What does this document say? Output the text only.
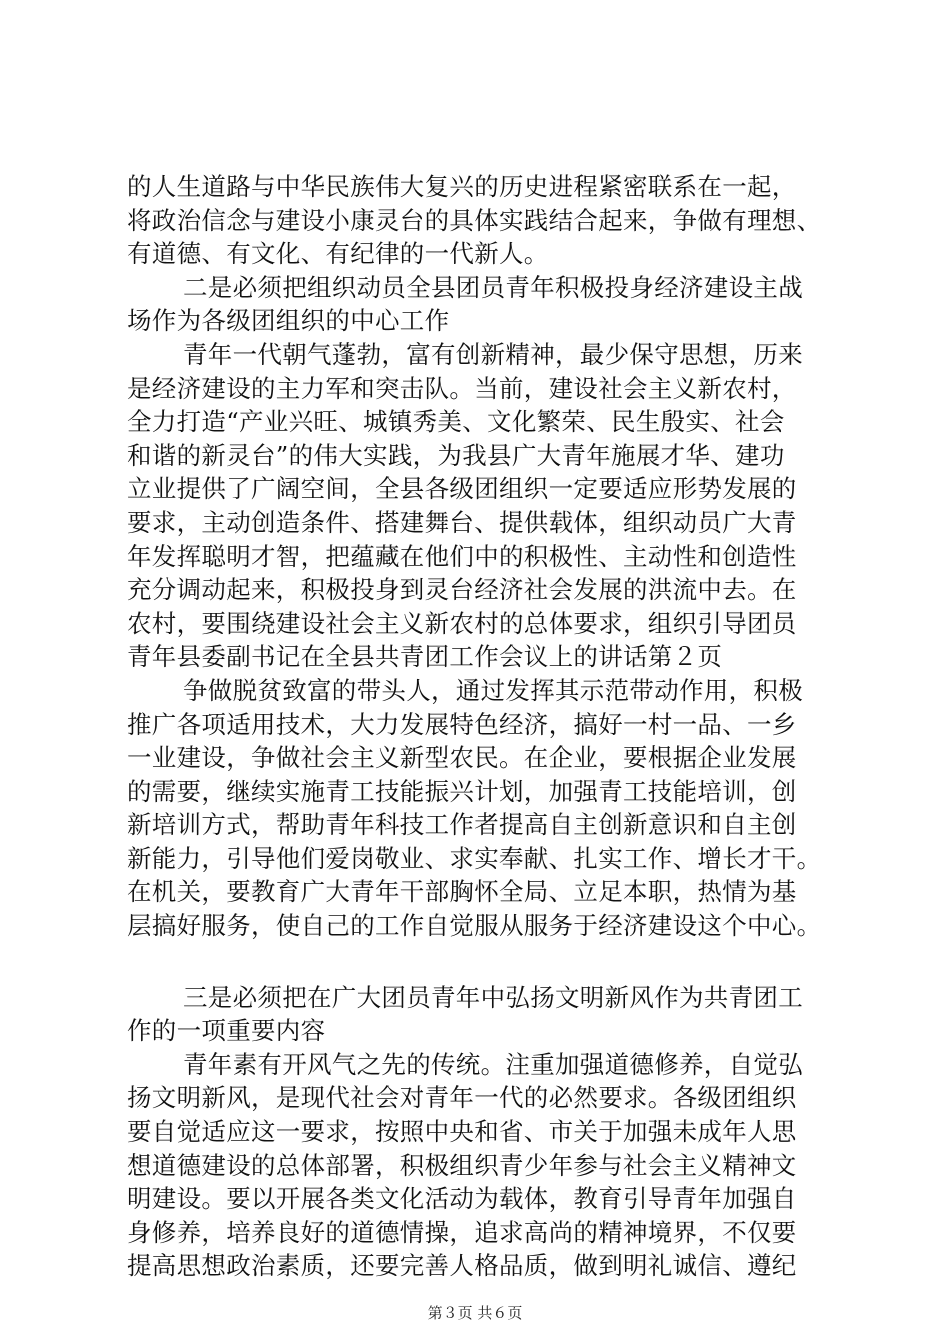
的人生道路与中华民族伟大复兴的历史进程紧密联系在一起，
将政治信念与建设小康灵台的具体实践结合起来，争做有理想、
有道德、有文化、有纪律的一代新人。
二是必须把组织动员全县团员青年积极投身经济建设主战
场作为各级团组织的中心工作
青年一代朝气蓬勃，富有创新精神，最少保守思想，历来
是经济建设的主力军和突击队。当前，建设社会主义新农村，
全力打造“产业兴旺、城镇秀美、文化繁荣、民生殷实、社会
和谐的新灵台”的伟大实践，为我县广大青年施展才华、建功
立业提供了广阔空间，全县各级团组织一定要适应形势发展的
要求，主动创造条件、搭建舞台、提供载体，组织动员广大青
年发挥聪明才智，把蕴藏在他们中的积极性、主动性和创造性
充分调动起来，积极投身到灵台经济社会发展的洪流中去。在
农村，要围绕建设社会主义新农村的总体要求，组织引导团员
青年县委副书记在全县共青团工作会议上的讲话第２页
争做脱贫致富的带头人，通过发挥其示范带动作用，积极
推广各项适用技术，大力发展特色经济，搞好一村一品、一乡
一业建设，争做社会主义新型农民。在企业，要根据企业发展
的需要，继续实施青工技能振兴计划，加强青工技能培训，创
新培训方式，帮助青年科技工作者提高自主创新意识和自主创
新能力，引导他们爱岗敬业、求实奉献、扎实工作、增长才干。
在机关，要教育广大青年干部胸怀全局、立足本职，热情为基
层搞好服务，使自己的工作自觉服从服务于经济建设这个中心。
三是必须把在广大团员青年中弘扬文明新风作为共青团工
作的一项重要内容
青年素有开风气之先的传统。注重加强道德修养，自觉弘
扬文明新风，是现代社会对青年一代的必然要求。各级团组织
要自觉适应这一要求，按照中央和省、市关于加强未成年人思
想道德建设的总体部署，积极组织青少年参与社会主义精神文
明建设。要以开展各类文化活动为载体，教育引导青年加强自
身修养，培养良好的道德情操，追求高尚的精神境界，不仅要
提高思想政治素质，还要完善人格品质，做到明礼诚信、遵纪
第３页 共６页
